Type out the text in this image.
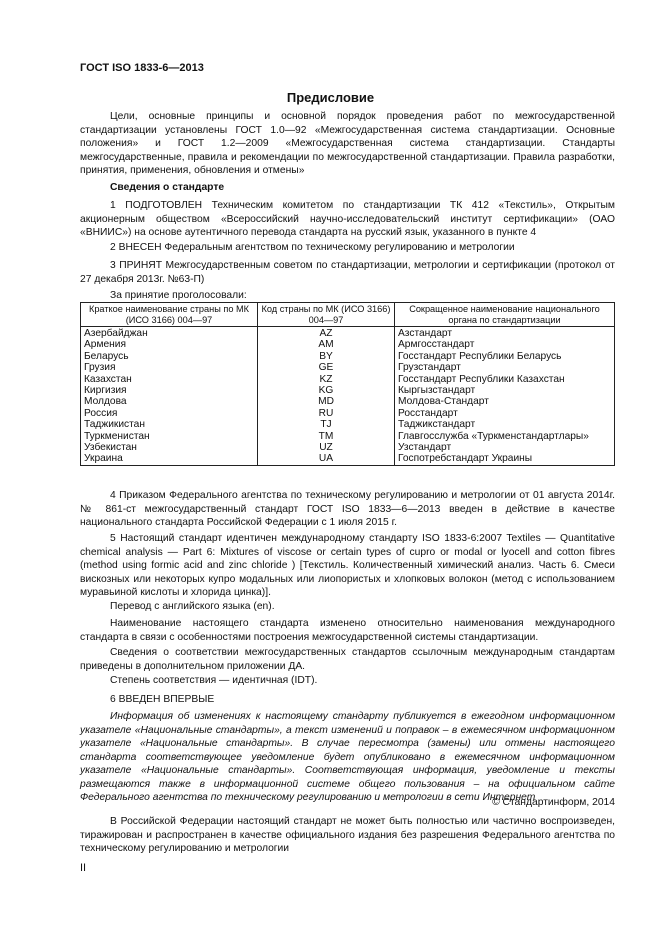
ГОСТ ISO 1833-6—2013
Предисловие
Цели, основные принципы и основной порядок проведения работ по межгосударственной стандартизации установлены ГОСТ 1.0—92 «Межгосударственная система стандартизации. Основные положения» и ГОСТ 1.2—2009 «Межгосударственная система стандартизации. Стандарты межгосударственные, правила и рекомендации по межгосударственной стандартизации. Правила разработки, принятия, применения, обновления и отмены»
Сведения о стандарте
1 ПОДГОТОВЛЕН Техническим комитетом по стандартизации ТК 412 «Текстиль», Открытым акционерным обществом «Всероссийский научно-исследовательский институт сертификации» (ОАО «ВНИИС») на основе аутентичного перевода стандарта на русский язык, указанного в пункте 4
2 ВНЕСЕН Федеральным агентством по техническому регулированию и метрологии
3 ПРИНЯТ Межгосударственным советом по стандартизации, метрологии и сертификации (протокол от 27 декабря 2013г. №63-П)
За принятие проголосовали:
Краткое наименование страны по МК (ИСО 3166) 004—97	Код страны по МК (ИСО 3166) 004—97	Сокращенное наименование национального органа по стандартизации
Азербайджан	AZ	Азстандарт
Армения	AM	Армгосстандарт
Беларусь	BY	Госстандарт Республики Беларусь
Грузия	GE	Грузстандарт
Казахстан	KZ	Госстандарт Республики Казахстан
Киргизия	KG	Кыргызстандарт
Молдова	MD	Молдова-Стандарт
Россия	RU	Росстандарт
Таджикистан	TJ	Таджикстандарт
Туркменистан	TM	Главгосслужба «Туркменстандартлары»
Узбекистан	UZ	Узстандарт
Украина	UA	Госпотребстандарт Украины
4 Приказом Федерального агентства по техническому регулированию и метрологии от 01 августа 2014г. № 861-ст межгосударственный стандарт ГОСТ ISO 1833—6—2013 введен в действие в качестве национального стандарта Российской Федерации с 1 июля 2015 г.
5 Настоящий стандарт идентичен международному стандарту ISO 1833-6:2007 Textiles — Quantitative chemical analysis — Part 6: Mixtures of viscose or certain types of cupro or modal or lyocell and cotton fibres (method using formic acid and zinc chloride ) [Текстиль. Количественный химический анализ. Часть 6. Смеси вискозных или некоторых купро модальных или лиопористых и хлопковых волокон (метод с использованием муравьиной кислоты и хлорида цинка)].
Перевод с английского языка (en).
Наименование настоящего стандарта изменено относительно наименования международного стандарта в связи с особенностями построения межгосударственной системы стандартизации.
Сведения о соответствии межгосударственных стандартов ссылочным международным стандартам приведены в дополнительном приложении ДА.
Степень соответствия — идентичная (IDT).
6 ВВЕДЕН ВПЕРВЫЕ
Информация об изменениях к настоящему стандарту публикуется в ежегодном информационном указателе «Национальные стандарты», а текст изменений и поправок – в ежемесячном информационном указателе «Национальные стандарты». В случае пересмотра (замены) или отмены настоящего стандарта соответствующее уведомление будет опубликовано в ежемесячном информационном указателе «Национальные стандарты». Соответствующая информация, уведомление и тексты размещаются также в информационной системе общего пользования – на официальном сайте Федерального агентства по техническому регулированию и метрологии в сети Интернет
© Стандартинформ, 2014
В Российской Федерации настоящий стандарт не может быть полностью или частично воспроизведен, тиражирован и распространен в качестве официального издания без разрешения Федерального агентства по техническому регулированию и метрологии
II
